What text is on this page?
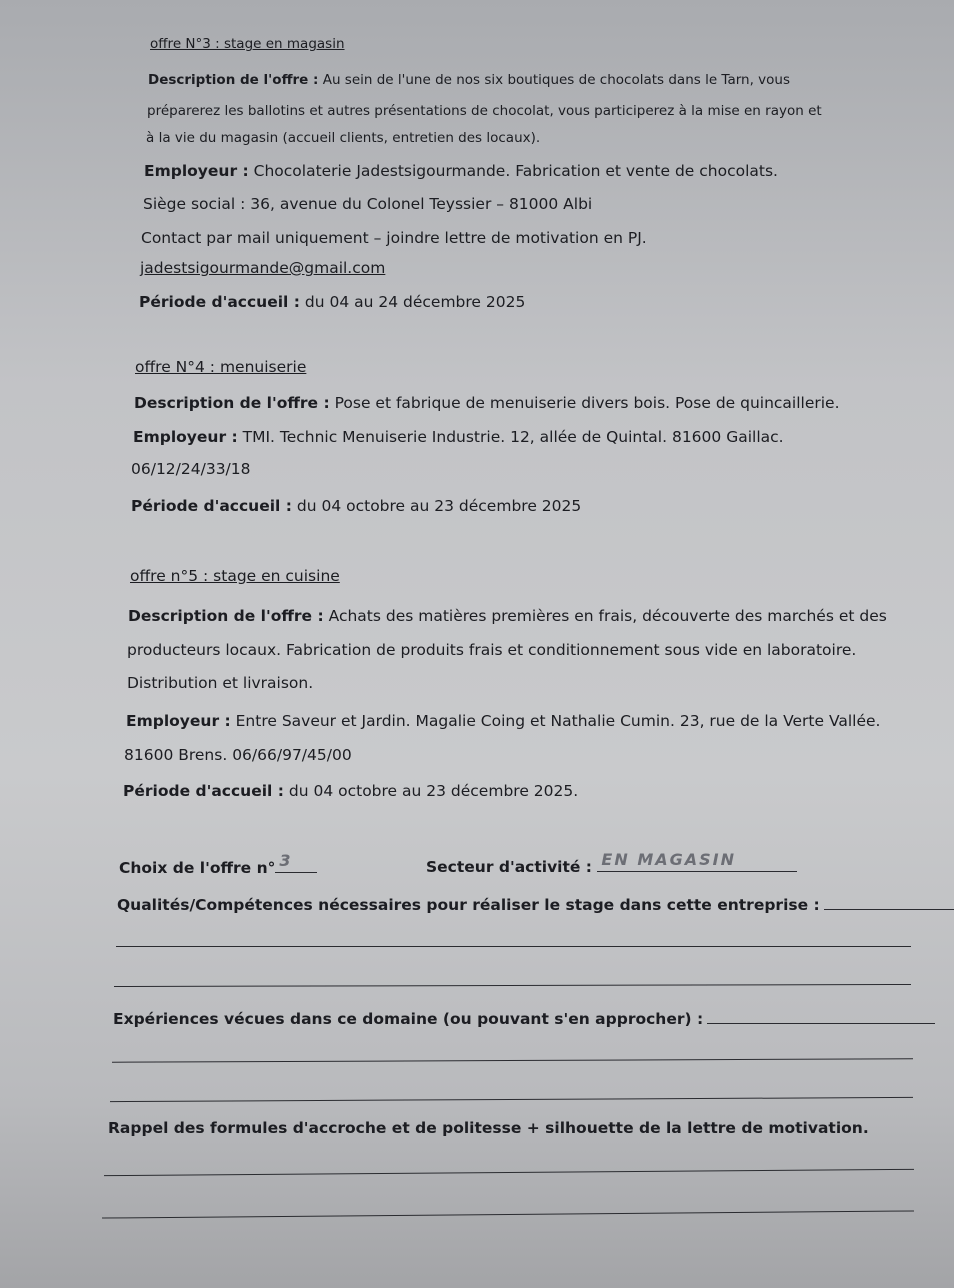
offre N°3 : stage en magasin
Description de l'offre : Au sein de l'une de nos six boutiques de chocolats dans le Tarn, vous
préparerez les ballotins et autres présentations de chocolat, vous participerez à la mise en rayon et
à la vie du magasin (accueil clients, entretien des locaux).
Employeur : Chocolaterie Jadestsigourmande. Fabrication et vente de chocolats.
Siège social : 36, avenue du Colonel Teyssier – 81000 Albi
Contact par mail uniquement – joindre lettre de motivation en PJ.
jadestsigourmande@gmail.com
Période d'accueil : du 04 au 24 décembre 2025
offre N°4 : menuiserie
Description de l'offre : Pose et fabrique de menuiserie divers bois. Pose de quincaillerie.
Employeur : TMI. Technic Menuiserie Industrie. 12, allée de Quintal. 81600 Gaillac.
06/12/24/33/18
Période d'accueil : du 04 octobre au 23 décembre 2025
offre n°5 : stage en cuisine
Description de l'offre : Achats des matières premières en frais, découverte des marchés et des
producteurs locaux. Fabrication de produits frais et conditionnement sous vide en laboratoire.
Distribution et livraison.
Employeur : Entre Saveur et Jardin. Magalie Coing et Nathalie Cumin. 23, rue de la Verte Vallée.
81600 Brens. 06/66/97/45/00
Période d'accueil : du 04 octobre au 23 décembre 2025.
Choix de l'offre n° 3	Secteur d'activité : EN MAGASIN
Qualités/Compétences nécessaires pour réaliser le stage dans cette entreprise :
Expériences vécues dans ce domaine (ou pouvant s'en approcher) :
Rappel des formules d'accroche et de politesse + silhouette de la lettre de motivation.
